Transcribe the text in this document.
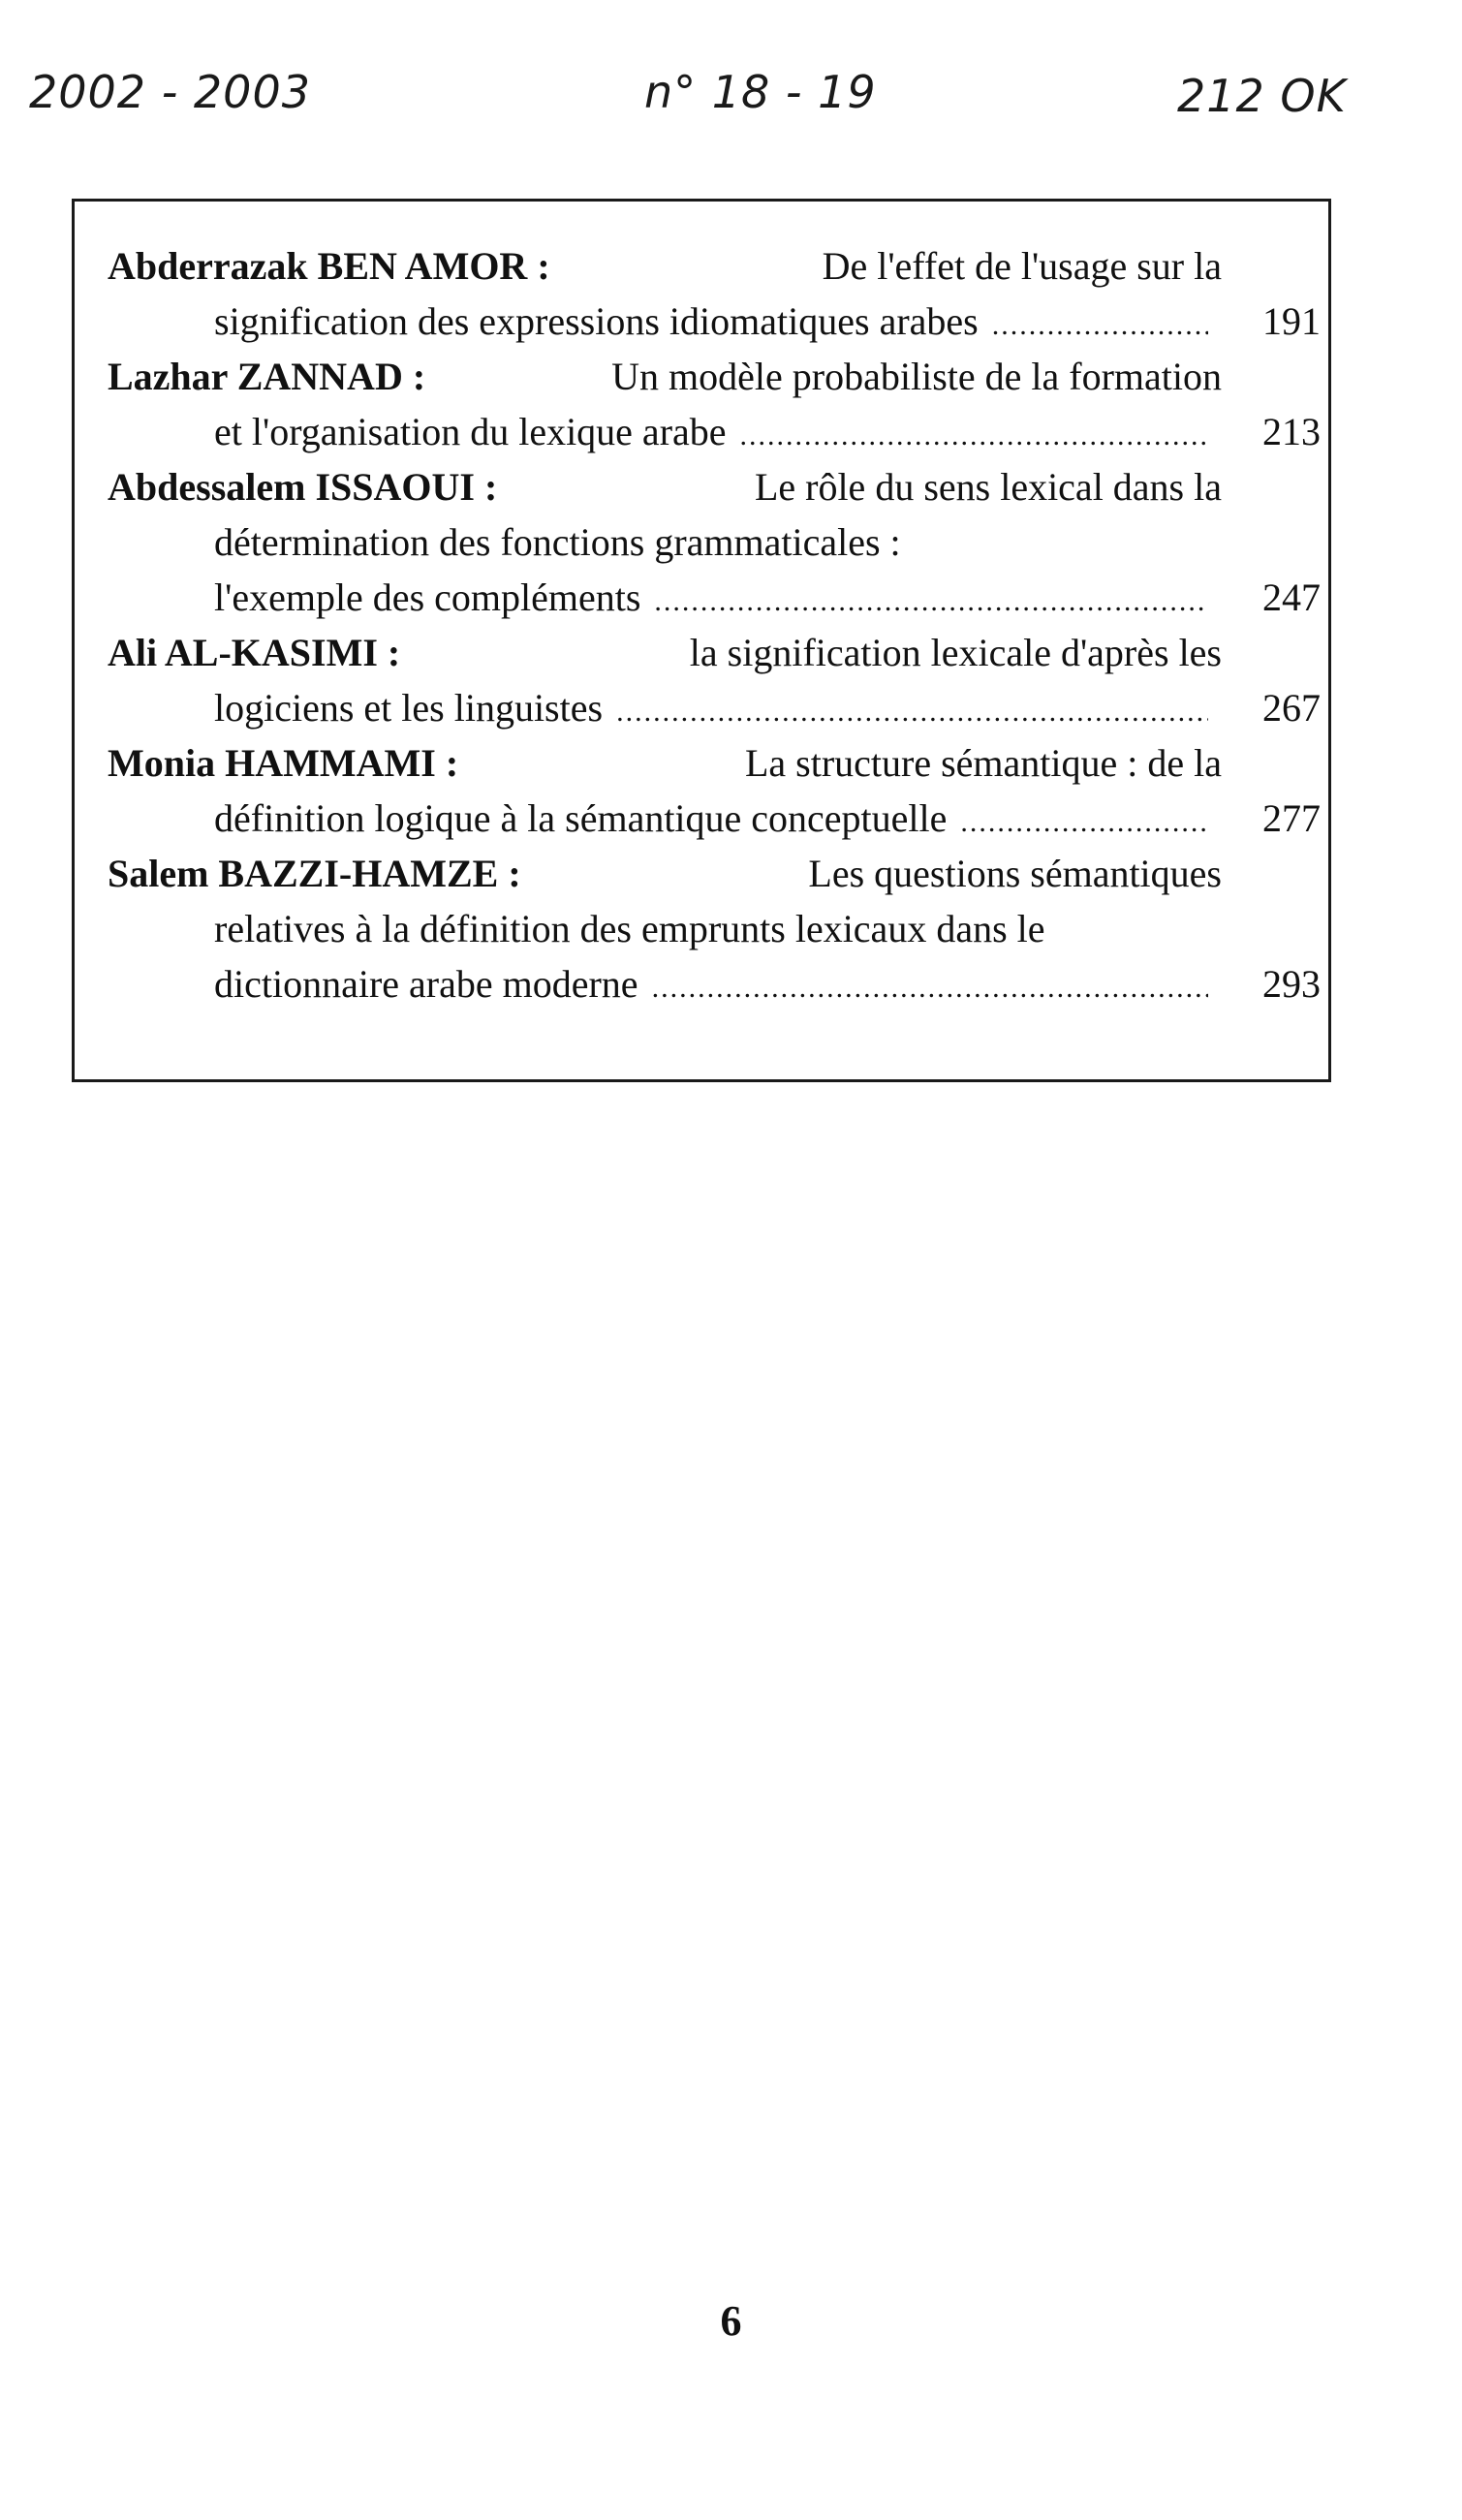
2002 - 2003	n° 18 - 19	212 OK
Abderrazak BEN AMOR :	De l'effet de l'usage sur la
signification des expressions idiomatiques arabes .....	191
Lazhar ZANNAD :	Un modèle probabiliste de la formation
et l'organisation du lexique arabe .....	213
Abdessalem ISSAOUI :	Le rôle du sens lexical dans la
détermination des fonctions grammaticales :
l'exemple des compléments .....	247
Ali AL-KASIMI :	la signification lexicale d'après les
logiciens et les linguistes .....	267
Monia HAMMAMI :	La structure sémantique : de la
définition logique à la sémantique conceptuelle .....	277
Salem BAZZI-HAMZE :	Les questions sémantiques
relatives à la définition des emprunts lexicaux dans le
dictionnaire arabe moderne .....	293
6
